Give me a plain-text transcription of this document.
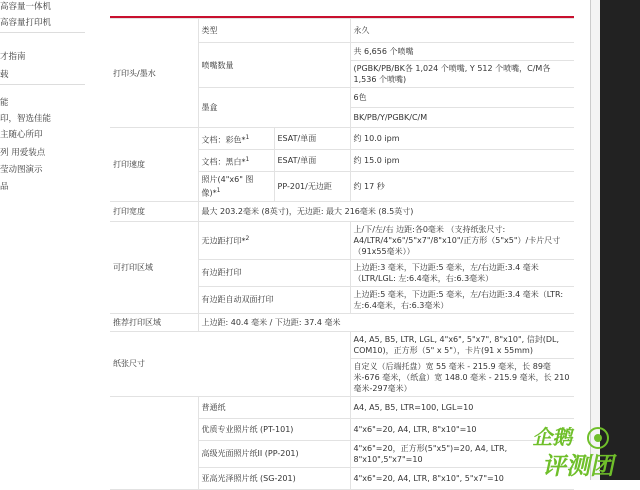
高容量一体机
高容量打印机
才指南
载
能
印，智选佳能
主随心所印
列 用爱装点
莹动图演示
品
打印头/墨水	类型		永久
	喷嘴数量		共 6,656 个喷嘴
			(PGBK/PB/BK各 1,024 个喷嘴, Y 512 个喷嘴，C/M各1,536 个喷嘴)
	墨盒		6色
			BK/PB/Y/PGBK/C/M
打印速度	文档：彩色*$^1$	ESAT/单面	约 10.0 ipm
	文档：黑白*$^1$	ESAT/单面	约 15.0 ipm
	照片(4"x6" 图像)*$^1$	PP-201/无边距	约 17 秒
打印宽度	最大 203.2毫米 (8英寸)，无边距: 最大 216毫米 (8.5英寸)		
可打印区域	无边距打印*$^2$		上/下/左/右 边距:各0毫米 （支持纸张尺寸: A4/LTR/4"x6"/5"x7"/8"x10"/正方形（5"x5"）/卡片尺寸（91x55毫米））
	有边距打印		上边距:3 毫米，下边距:5 毫米，左/右边距:3.4 毫米 （LTR/LGL: 左:6.4毫米，右:6.3毫米）
	有边距自动双面打印		上边距:5 毫米，下边距:5 毫米，左/右边距:3.4 毫米（LTR: 左:6.4毫米，右:6.3毫米）
推荐打印区域	上边距: 40.4 毫米 / 下边距: 37.4 毫米		
纸张尺寸			A4, A5, B5, LTR, LGL, 4"x6", 5"x7", 8"x10", 信封(DL, COM10)，正方形（5" x 5"），卡片(91 x 55mm)
			自定义（后端托盘）宽 55 毫米 - 215.9 毫米，长 89毫米-676 毫米，（纸盒）宽 148.0 毫米 - 215.9 毫米，长 210 毫米-297毫米）
	普通纸		A4, A5, B5, LTR=100, LGL=10
	优质专业照片纸 (PT-101)		4"x6"=20, A4, LTR, 8"x10"=10
	高级光面照片纸II (PP-201)		4"x6"=20，正方形(5"x5")=20, A4, LTR, 8"x10",5"x7"=10
	亚高光泽照片纸 (SG-201)		4"x6"=20, A4, LTR, 8"x10", 5"x7"=10
企鹅
评测团
